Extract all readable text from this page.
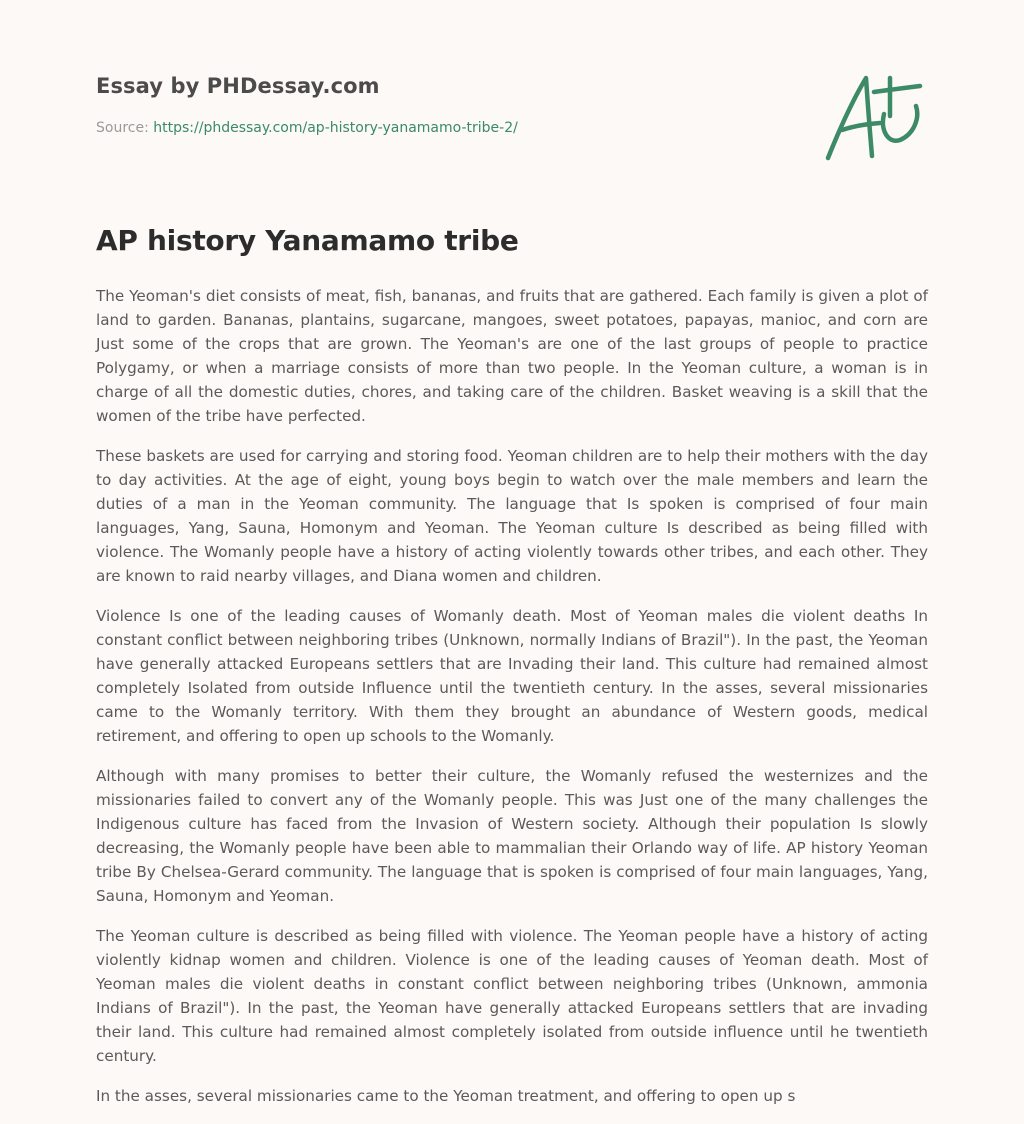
Essay by PHDessay.com
Source: https://phdessay.com/ap-history-yanamamo-tribe-2/
AP history Yanamamo tribe

The Yeoman's diet consists of meat, fish, bananas, and fruits that are gathered. Each family is given a plot of land to garden. Bananas, plantains, sugarcane, mangoes, sweet potatoes, papayas, manioc, and corn are Just some of the crops that are grown. The Yeoman's are one of the last groups of people to practice Polygamy, or when a marriage consists of more than two people. In the Yeoman culture, a woman is in charge of all the domestic duties, chores, and taking care of the children. Basket weaving is a skill that the women of the tribe have perfected.

These baskets are used for carrying and storing food. Yeoman children are to help their mothers with the day to day activities. At the age of eight, young boys begin to watch over the male members and learn the duties of a man in the Yeoman community. The language that Is spoken is comprised of four main languages, Yang, Sauna, Homonym and Yeoman. The Yeoman culture Is described as being filled with violence. The Womanly people have a history of acting violently towards other tribes, and each other. They are known to raid nearby villages, and Diana women and children.

Violence Is one of the leading causes of Womanly death. Most of Yeoman males die violent deaths In constant conflict between neighboring tribes (Unknown, normally Indians of Brazil"). In the past, the Yeoman have generally attacked Europeans settlers that are Invading their land. This culture had remained almost completely Isolated from outside Influence until the twentieth century. In the asses, several missionaries came to the Womanly territory. With them they brought an abundance of Western goods, medical retirement, and offering to open up schools to the Womanly.

Although with many promises to better their culture, the Womanly refused the westernizes and the missionaries failed to convert any of the Womanly people. This was Just one of the many challenges the Indigenous culture has faced from the Invasion of Western society. Although their population Is slowly decreasing, the Womanly people have been able to mammalian their Orlando way of life. AP history Yeoman tribe By Chelsea-Gerard community. The language that is spoken is comprised of four main languages, Yang, Sauna, Homonym and Yeoman.

The Yeoman culture is described as being filled with violence. The Yeoman people have a history of acting violently kidnap women and children. Violence is one of the leading causes of Yeoman death. Most of Yeoman males die violent deaths in constant conflict between neighboring tribes (Unknown, ammonia Indians of Brazil"). In the past, the Yeoman have generally attacked Europeans settlers that are invading their land. This culture had remained almost completely isolated from outside influence until he twentieth century.

In the asses, several missionaries came to the Yeoman treatment, and offering to open up s
